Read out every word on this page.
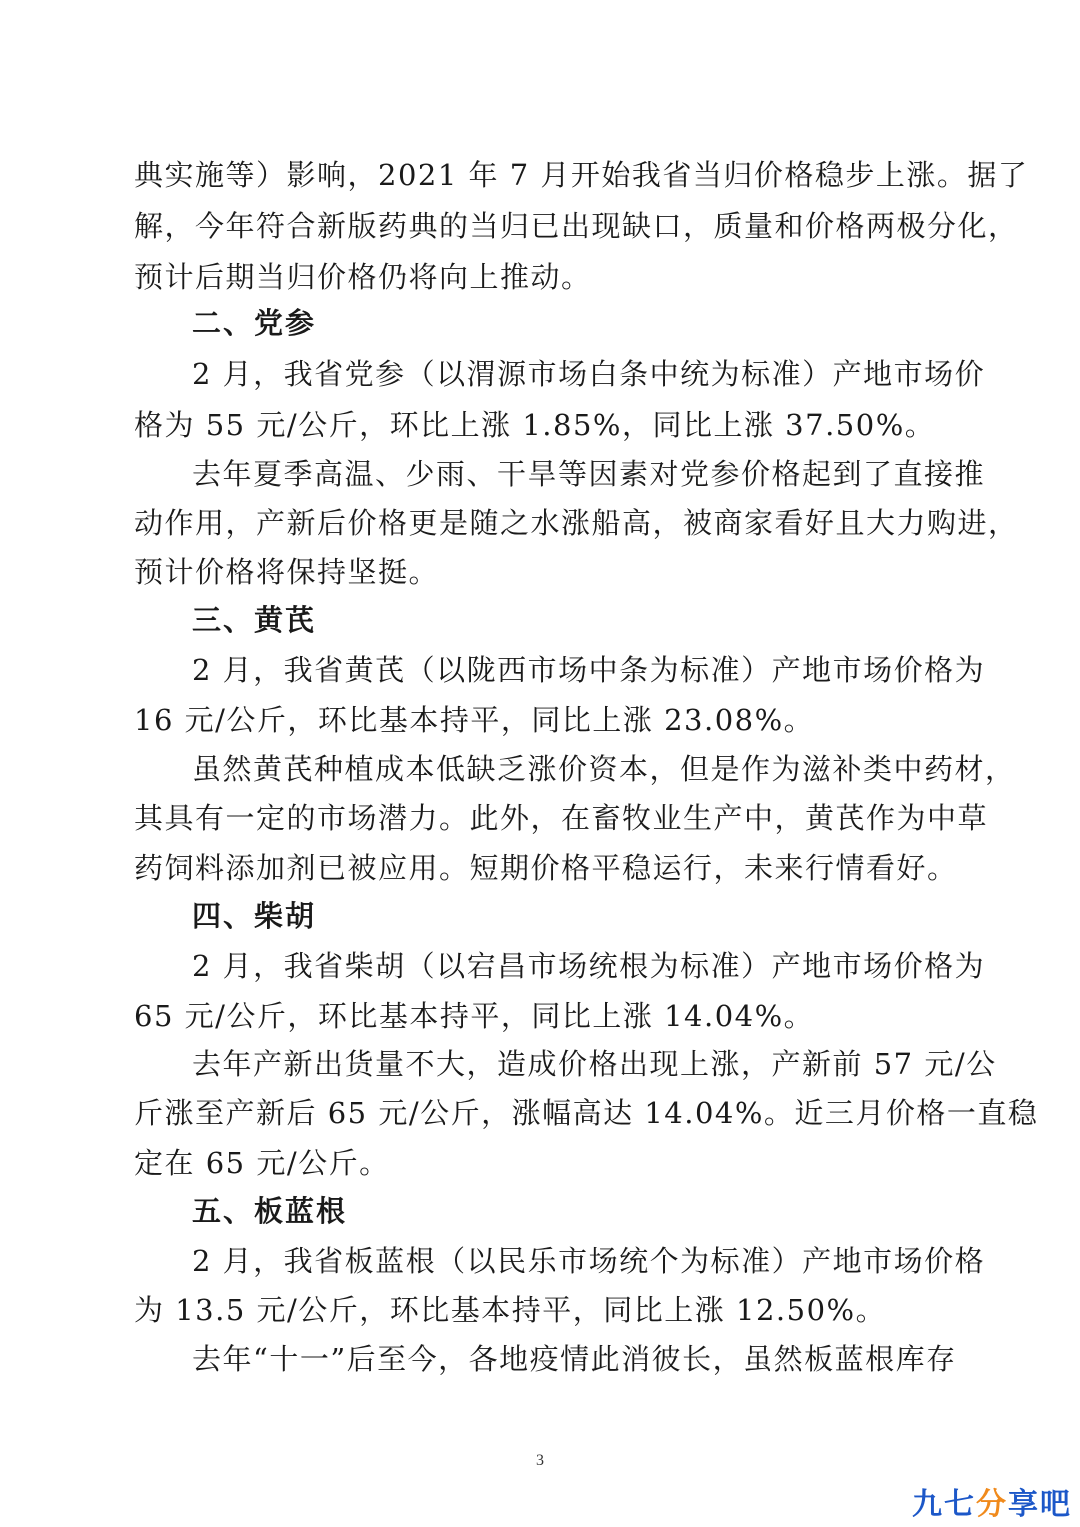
典实施等）影响，2021 年 7 月开始我省当归价格稳步上涨。据了
解，今年符合新版药典的当归已出现缺口，质量和价格两极分化，
预计后期当归价格仍将向上推动。
二、党参
2 月，我省党参（以渭源市场白条中统为标准）产地市场价
格为 55 元/公斤，环比上涨 1.85%，同比上涨 37.50%。
去年夏季高温、少雨、干旱等因素对党参价格起到了直接推
动作用，产新后价格更是随之水涨船高，被商家看好且大力购进，
预计价格将保持坚挺。
三、黄芪
2 月，我省黄芪（以陇西市场中条为标准）产地市场价格为
16 元/公斤，环比基本持平，同比上涨 23.08%。
虽然黄芪种植成本低缺乏涨价资本，但是作为滋补类中药材，
其具有一定的市场潜力。此外，在畜牧业生产中，黄芪作为中草
药饲料添加剂已被应用。短期价格平稳运行，未来行情看好。
四、柴胡
2 月，我省柴胡（以宕昌市场统根为标准）产地市场价格为
65 元/公斤，环比基本持平，同比上涨 14.04%。
去年产新出货量不大，造成价格出现上涨，产新前 57 元/公
斤涨至产新后 65 元/公斤，涨幅高达 14.04%。近三月价格一直稳
定在 65 元/公斤。
五、板蓝根
2 月，我省板蓝根（以民乐市场统个为标准）产地市场价格
为 13.5 元/公斤，环比基本持平，同比上涨 12.50%。
去年“十一”后至今，各地疫情此消彼长，虽然板蓝根库存
3
九七分享吧
